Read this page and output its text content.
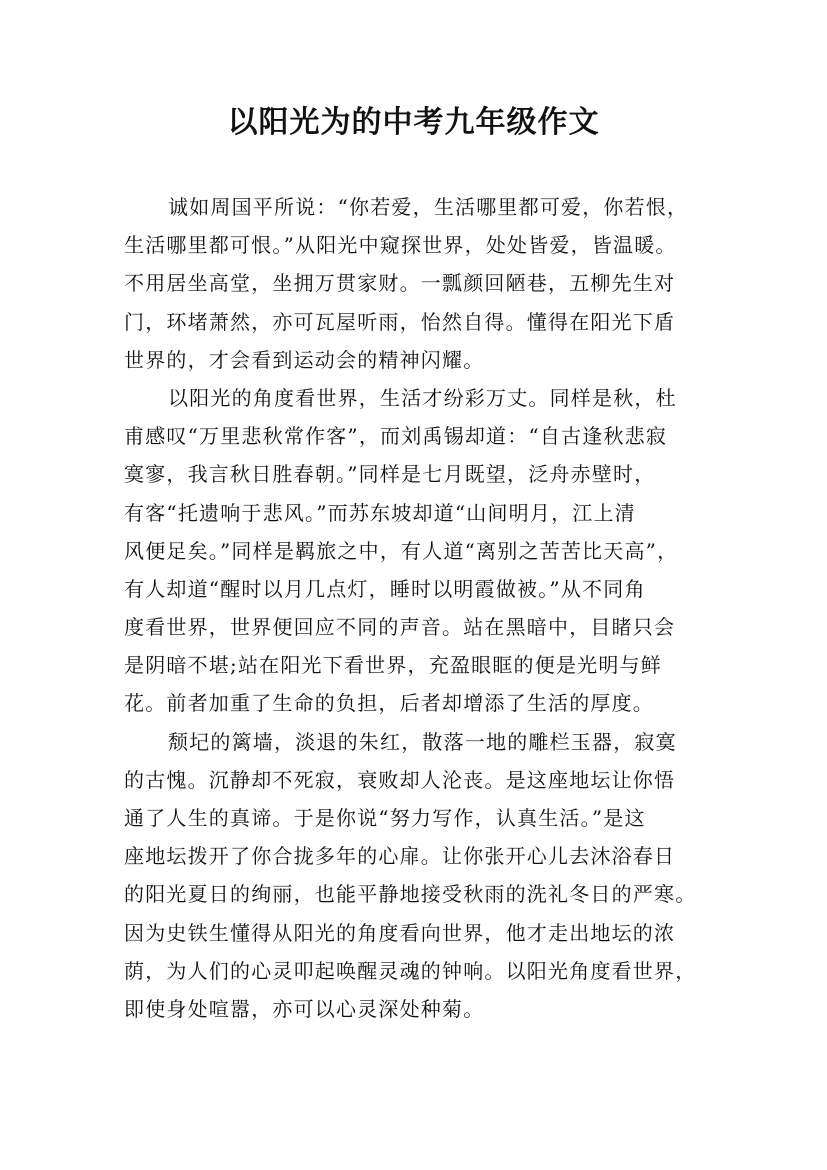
以阳光为的中考九年级作文
诚如周国平所说：“你若爱，生活哪里都可爱，你若恨，
生活哪里都可恨。”从阳光中窥探世界，处处皆爱，皆温暖。
不用居坐高堂，坐拥万贯家财。一瓢颜回陋巷，五柳先生对
门，环堵萧然，亦可瓦屋听雨，怡然自得。懂得在阳光下盾
世界的，才会看到运动会的精神闪耀。
以阳光的角度看世界，生活才纷彩万丈。同样是秋，杜
甫感叹“万里悲秋常作客”，而刘禹锡却道：“自古逢秋悲寂
寞寥，我言秋日胜春朝。”同样是七月既望，泛舟赤壁时，
有客“托遗响于悲风。”而苏东坡却道“山间明月，江上清
风便足矣。”同样是羁旅之中，有人道“离别之苦苦比天高”，
有人却道“醒时以月几点灯，睡时以明霞做被。”从不同角
度看世界，世界便回应不同的声音。站在黑暗中，目睹只会
是阴暗不堪;站在阳光下看世界，充盈眼眶的便是光明与鲜
花。前者加重了生命的负担，后者却增添了生活的厚度。
颓圮的篱墙，淡退的朱红，散落一地的雕栏玉器，寂寞
的古愧。沉静却不死寂，衰败却人沦丧。是这座地坛让你悟
通了人生的真谛。于是你说“努力写作，认真生活。”是这
座地坛拨开了你合拢多年的心扉。让你张开心儿去沐浴春日
的阳光夏日的绚丽，也能平静地接受秋雨的洗礼冬日的严寒。
因为史铁生懂得从阳光的角度看向世界，他才走出地坛的浓
荫，为人们的心灵叩起唤醒灵魂的钟响。以阳光角度看世界，
即使身处喧嚣，亦可以心灵深处种菊。
